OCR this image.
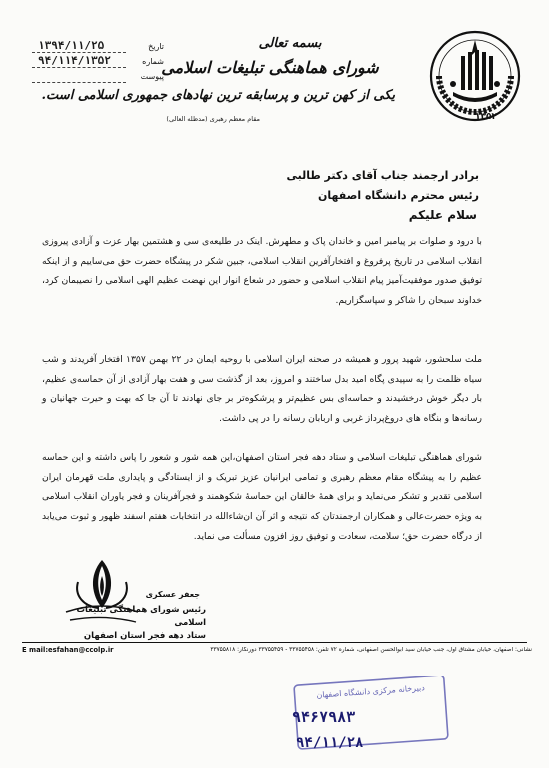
۱۳۵۲
بسمه تعالی
شورای هماهنگی تبلیغات اسلامی
یکی از کهن ترین و پرسابقه ترین نهادهای جمهوری اسلامی است.
مقام معظم رهبری (مدظله العالی)
۱۳۹۴/۱۱/۲۵	تاریخ
۹۴/۱۱۴/۱۳۵۲	شماره
پیوست
برادر ارجمند جناب آقای دکتر طالبی
رئیس محترم دانشگاه اصفهان
سلام علیکم
با درود و صلوات بر پیامبر امین و خاندان پاک و مطهرش. اینک در طلیعه‌ی سی و هشتمین بهار عزت و آزادی پیروزی انقلاب اسلامی در تاریخ پرفروغ و افتخارآفرین انقلاب اسلامی، جبین شکر در پیشگاه حضرت حق می‌ساییم و از اینکه توفیق صدور موفقیت‌آمیز پیام انقلاب اسلامی و حضور در شعاع انوار این نهضت عظیم الهی اسلامی را نصیبمان کرد، خداوند سبحان را شاکر و سپاسگزاریم.
ملت سلحشور، شهید پرور و همیشه در صحنه ایران اسلامی با روحیه ایمان در ۲۲ بهمن ۱۳۵۷ افتخار آفریدند و شب سیاه ظلمت را به سپیدی پگاه امید بدل ساختند و امروز، بعد از گذشت سی و هفت بهار آزادی از آن حماسه‌ی عظیم، بار دیگر خوش درخشیدند و حماسه‌ای بس عظیم‌تر و پرشکوه‌تر بر جای نهادند تا آن جا که بهت و حیرت جهانیان و رسانه‌ها و بنگاه های دروغ‌پرداز غربی و اربابان رسانه را در پی داشت.
شورای هماهنگی تبلیغات اسلامی و ستاد دهه فجر استان اصفهان،این همه شور و شعور را پاس داشته و این حماسه عظیم را به پیشگاه مقام معظم رهبری و تمامی ایرانیان عزیز تبریک و از ایستادگی و پایداری ملت قهرمان ایران اسلامی تقدیر و تشکر می‌نماید و برای همهٔ خالقان این حماسهٔ شکوهمند و فجرآفرینان و فجر یاوران انقلاب اسلامی به ویژه حضرت‌عالی و همکاران ارجمندتان که نتیجه و اثر آن ان‌شاءالله در انتخابات هفتم اسفند ظهور و ثبوت می‌یابد از درگاه حضرت حق؛ سلامت، سعادت و توفیق روز افزون مسألت می نماید.
جعفر عسکری
رئیس شورای هماهنگی تبلیغات اسلامی
ستاد دهه فجر استان اصفهان
نشانی: اصفهان، خیابان مشتاق اول، جنب خیابان سید ابوالحسن اصفهانی، شماره ۷۲ تلفن: ۳۳۷۵۵۴۵۸ - ۳۳۷۵۵۴۵۹ دورنگار: ۳۳۷۵۵۸۱۸
E mail:esfahan@ccolp.ir
دبیرخانه مرکزی دانشگاه اصفهان
۹۴۶۷۹۸۳
۹۴/۱۱/۲۸
